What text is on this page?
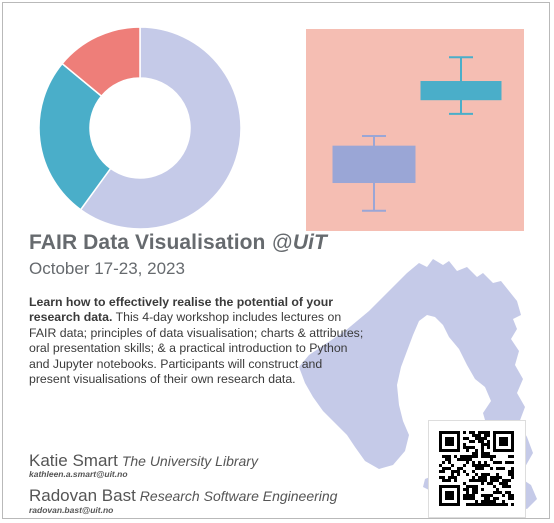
FAIR Data Visualisation @UiT
October 17-23, 2023
Learn how to effectively realise the potential of your research data. This 4-day workshop includes lectures on FAIR data; principles of data visualisation; charts & attributes; oral presentation skills; & a practical introduction to Python and Jupyter notebooks. Participants will construct and present visualisations of their own research data.
Katie Smart The University Library
kathleen.a.smart@uit.no
Radovan Bast Research Software Engineering
radovan.bast@uit.no
